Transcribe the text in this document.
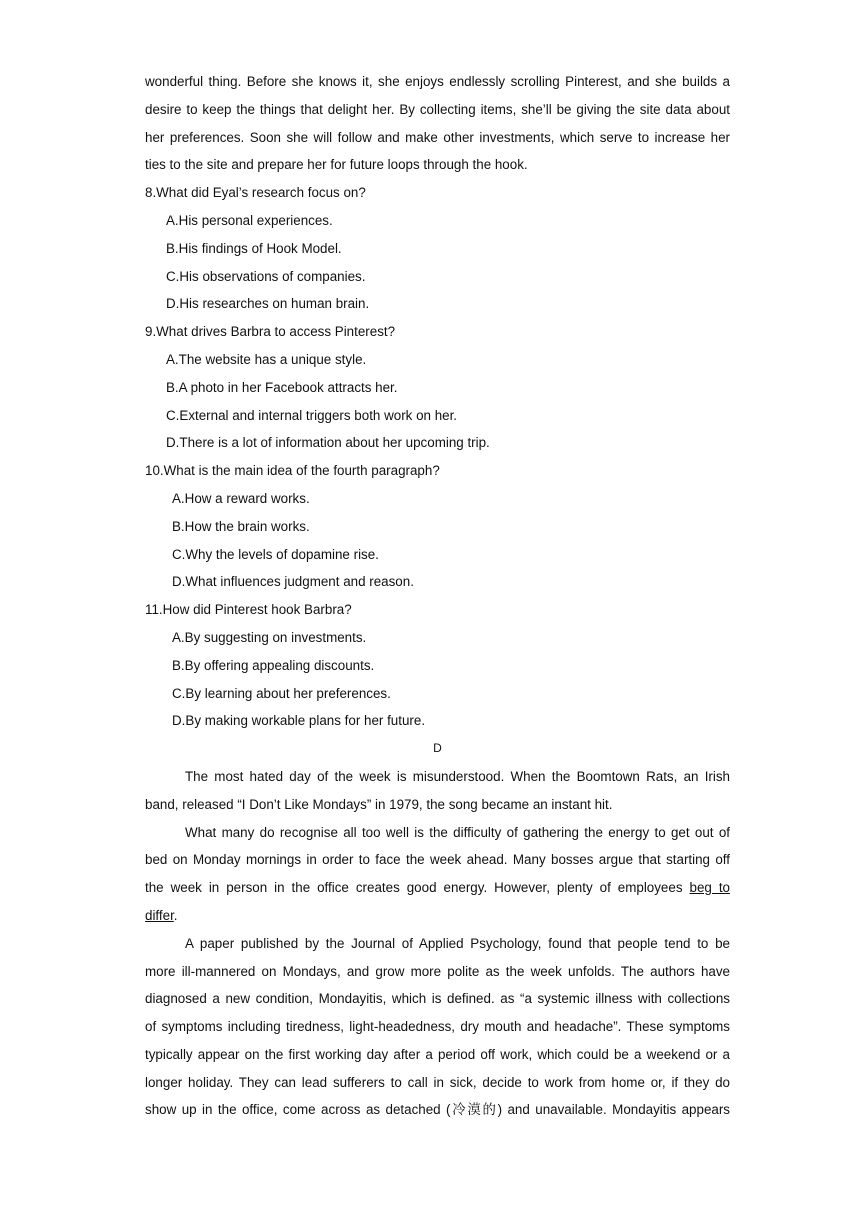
wonderful thing. Before she knows it, she enjoys endlessly scrolling Pinterest, and she builds a
desire to keep the things that delight her. By collecting items, she’ll be giving the site data about
her preferences. Soon she will follow and make other investments, which serve to increase her
ties to the site and prepare her for future loops through the hook.
8.What did Eyal’s research focus on?
A.His personal experiences.
B.His findings of Hook Model.
C.His observations of companies.
D.His researches on human brain.
9.What drives Barbra to access Pinterest?
A.The website has a unique style.
B.A photo in her Facebook attracts her.
C.External and internal triggers both work on her.
D.There is a lot of information about her upcoming trip.
10.What is the main idea of the fourth paragraph?
A.How a reward works.
B.How the brain works.
C.Why the levels of dopamine rise.
D.What influences judgment and reason.
11.How did Pinterest hook Barbra?
A.By suggesting on investments.
B.By offering appealing discounts.
C.By learning about her preferences.
D.By making workable plans for her future.
D
The most hated day of the week is misunderstood. When the Boomtown Rats, an Irish
band, released “I Don’t Like Mondays” in 1979, the song became an instant hit.
What many do recognise all too well is the difficulty of gathering the energy to get out of
bed on Monday mornings in order to face the week ahead. Many bosses argue that starting off
the week in person in the office creates good energy. However, plenty of employees beg to
differ.
A paper published by the Journal of Applied Psychology, found that people tend to be
more ill-mannered on Mondays, and grow more polite as the week unfolds. The authors have
diagnosed a new condition, Mondayitis, which is defined. as “a systemic illness with collections
of symptoms including tiredness, light-headedness, dry mouth and headache”. These symptoms
typically appear on the first working day after a period off work, which could be a weekend or a
longer holiday. They can lead sufferers to call in sick, decide to work from home or, if they do
show up in the office, come across as detached (冷漠的) and unavailable. Mondayitis appears
